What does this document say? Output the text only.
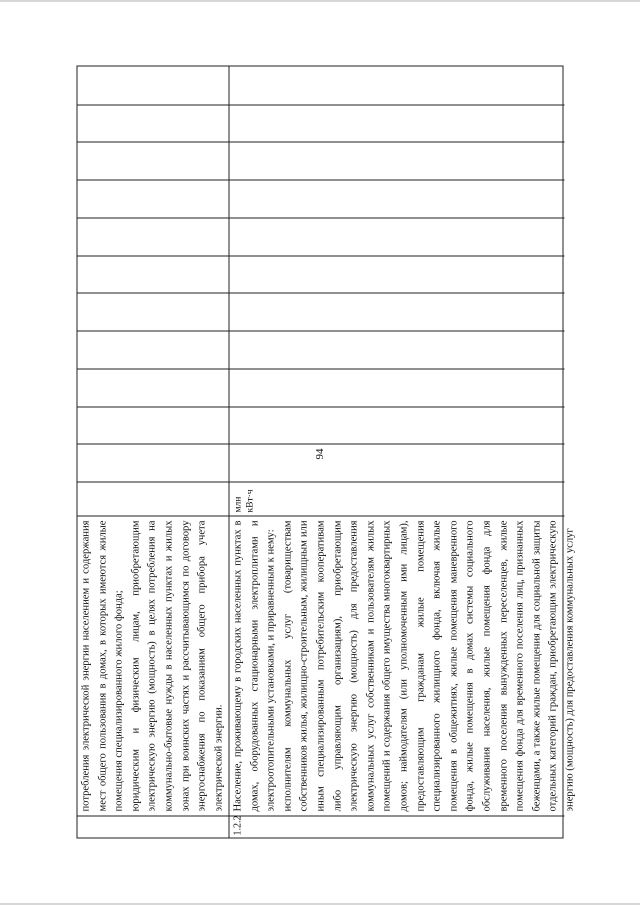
94

потребления электрической энергии населением и содержания мест общего пользования в домах, в которых имеются жилые помещения специализированного жилого фонда; юридическим и физическим лицам, приобретающим электрическую энергию (мощность) в целях потребления на коммунально-бытовые нужды в населенных пунктах и жилых зонах при воинских частях и рассчитывающимся по договору энергоснабжения по показаниям общего прибора учета электрической энергии.

1.2.2

Население, проживающему в городских населенных пунктах в домах, оборудованных стационарными электроплитами и электроотопительными установками, и приравненным к нему: исполнителям коммунальных услуг (товариществам собственников жилья, жилищно-строительным, жилищным или иным специализированным потребительским кооперативам либо управляющим организациям), приобретающим электрическую энергию (мощность) для предоставления коммунальных услуг собственникам и пользователям жилых помещений и содержания общего имущества многоквартирных домов; наймодателям (или уполномоченным ими лицам), предоставляющим гражданам жилые помещения специализированного жилищного фонда, включая жилые помещения в общежитиях, жилые помещения маневренного фонда, жилые помещения в домах системы социального обслуживания населения, жилые помещения фонда для временного поселения вынужденных переселенцев, жилые помещения фонда для временного поселения лиц, признанных беженцами, а также жилые помещения для социальной защиты отдельных категорий граждан, приобретающим электрическую энергию (мощность) для предоставления коммунальных услуг

млн кВт·ч
